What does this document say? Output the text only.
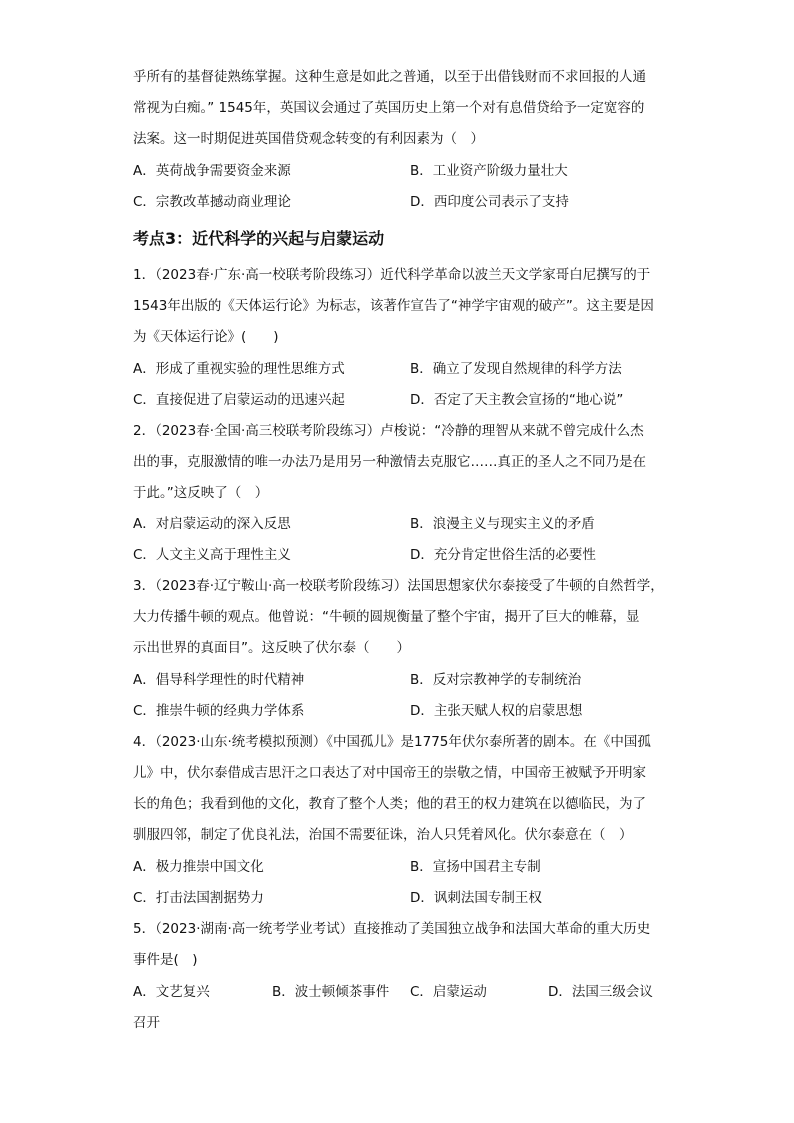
乎所有的基督徒熟练掌握。这种生意是如此之普通，以至于出借钱财而不求回报的人通
常视为白痴。” 1545年，英国议会通过了英国历史上第一个对有息借贷给予一定宽容的
法案。这一时期促进英国借贷观念转变的有利因素为（　）
A．英荷战争需要资金来源	B．工业资产阶级力量壮大
C．宗教改革撼动商业理论	D．西印度公司表示了支持
考点3：近代科学的兴起与启蒙运动
1．（2023春·广东·高一校联考阶段练习）近代科学革命以波兰天文学家哥白尼撰写的于
1543年出版的《天体运行论》为标志，该著作宣告了“神学宇宙观的破产”。这主要是因
为《天体运行论》(　　)
A．形成了重视实验的理性思维方式	B．确立了发现自然规律的科学方法
C．直接促进了启蒙运动的迅速兴起	D．否定了天主教会宣扬的“地心说”
2．（2023春·全国·高三校联考阶段练习）卢梭说：“冷静的理智从来就不曾完成什么杰
出的事，克服激情的唯一办法乃是用另一种激情去克服它……真正的圣人之不同乃是在
于此。”这反映了（　）
A．对启蒙运动的深入反思	B．浪漫主义与现实主义的矛盾
C．人文主义高于理性主义	D．充分肯定世俗生活的必要性
3．（2023春·辽宁鞍山·高一校联考阶段练习）法国思想家伏尔泰接受了牛顿的自然哲学，
大力传播牛顿的观点。他曾说：“牛顿的圆规衡量了整个宇宙，揭开了巨大的帷幕，显
示出世界的真面目”。这反映了伏尔泰（　　）
A．倡导科学理性的时代精神	B．反对宗教神学的专制统治
C．推崇牛顿的经典力学体系	D．主张天赋人权的启蒙思想
4．（2023·山东·统考模拟预测）《中国孤儿》是1775年伏尔泰所著的剧本。在《中国孤
儿》中，伏尔泰借成吉思汗之口表达了对中国帝王的崇敬之情，中国帝王被赋予开明家
长的角色；我看到他的文化，教育了整个人类；他的君王的权力建筑在以德临民，为了
驯服四邻，制定了优良礼法，治国不需要征诛，治人只凭着风化。伏尔泰意在（　）
A．极力推崇中国文化	B．宣扬中国君主专制
C．打击法国割据势力	D．讽刺法国专制王权
5．（2023·湖南·高一统考学业考试）直接推动了美国独立战争和法国大革命的重大历史
事件是(　)
A．文艺复兴	B．波士顿倾茶事件 C．启蒙运动	D．法国三级会议
召开
